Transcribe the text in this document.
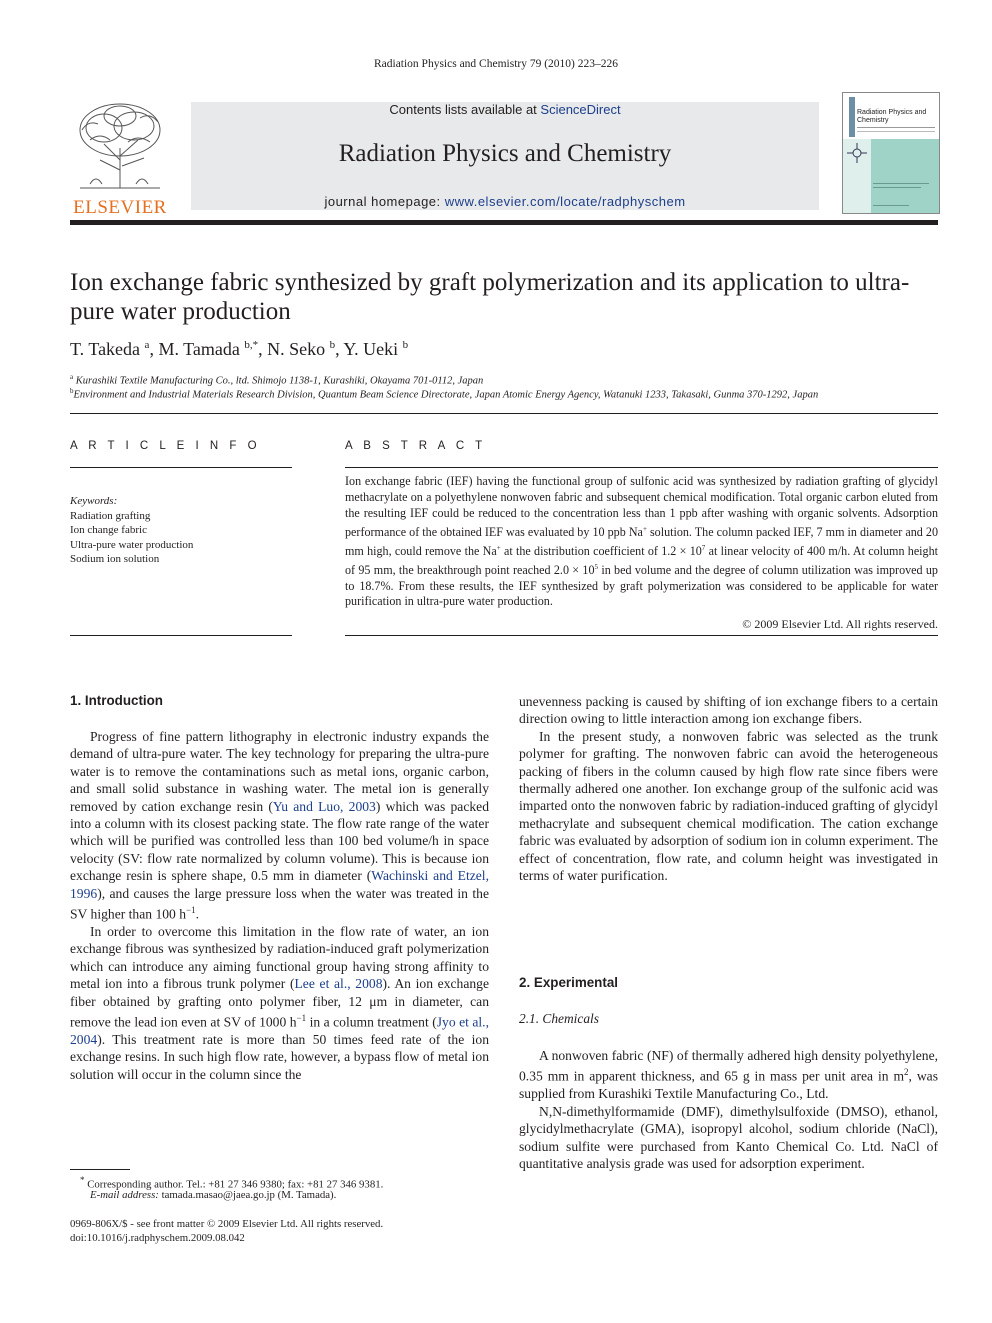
Radiation Physics and Chemistry 79 (2010) 223–226
ELSEVIER
Contents lists available at ScienceDirect
Radiation Physics and Chemistry
journal homepage: www.elsevier.com/locate/radphyschem
Radiation Physics and Chemistry
Ion exchange fabric synthesized by graft polymerization and its application to ultra-pure water production
T. Takeda $^a$, M. Tamada $^{b,*}$, N. Seko $^b$, Y. Ueki $^b$
$^a$ Kurashiki Textile Manufacturing Co., ltd. Shimojo 1138-1, Kurashiki, Okayama 701-0112, Japan
$^b$Environment and Industrial Materials Research Division, Quantum Beam Science Directorate, Japan Atomic Energy Agency, Watanuki 1233, Takasaki, Gunma 370-1292, Japan
A R T I C L E I N F O
Keywords:
Radiation grafting
Ion change fabric
Ultra-pure water production
Sodium ion solution
A B S T R A C T
Ion exchange fabric (IEF) having the functional group of sulfonic acid was synthesized by radiation grafting of glycidyl methacrylate on a polyethylene nonwoven fabric and subsequent chemical modification. Total organic carbon eluted from the resulting IEF could be reduced to the concentration less than 1 ppb after washing with organic solvents. Adsorption performance of the obtained IEF was evaluated by 10 ppb Na+ solution. The column packed IEF, 7 mm in diameter and 20 mm high, could remove the Na+ at the distribution coefficient of $1.2 \times 10^7$ at linear velocity of 400 m/h. At column height of 95 mm, the breakthrough point reached $2.0 \times 10^5$ in bed volume and the degree of column utilization was improved up to 18.7%. From these results, the IEF synthesized by graft polymerization was considered to be applicable for water purification in ultra-pure water production.
© 2009 Elsevier Ltd. All rights reserved.
1. Introduction

Progress of fine pattern lithography in electronic industry expands the demand of ultra-pure water. The key technology for preparing the ultra-pure water is to remove the contaminations such as metal ions, organic carbon, and small solid substance in washing water. The metal ion is generally removed by cation exchange resin (Yu and Luo, 2003) which was packed into a column with its closest packing state. The flow rate range of the water which will be purified was controlled less than 100 bed volume/h in space velocity (SV: flow rate normalized by column volume). This is because ion exchange resin is sphere shape, 0.5 mm in diameter (Wachinski and Etzel, 1996), and causes the large pressure loss when the water was treated in the SV higher than 100 $h^{-1}$.

In order to overcome this limitation in the flow rate of water, an ion exchange fibrous was synthesized by radiation-induced graft polymerization which can introduce any aiming functional group having strong affinity to metal ion into a fibrous trunk polymer (Lee et al., 2008). An ion exchange fiber obtained by grafting onto polymer fiber, 12 μm in diameter, can remove the lead ion even at SV of 1000 $h^{-1}$ in a column treatment (Jyo et al., 2004). This treatment rate is more than 50 times feed rate of the ion exchange resins. In such high flow rate, however, a bypass flow of metal ion solution will occur in the column since the

* Corresponding author. Tel.: +81 27 346 9380; fax: +81 27 346 9381.
E-mail address: tamada.masao@jaea.go.jp (M. Tamada).
0969-806X/$ - see front matter © 2009 Elsevier Ltd. All rights reserved.
doi:10.1016/j.radphyschem.2009.08.042

unevenness packing is caused by shifting of ion exchange fibers to a certain direction owing to little interaction among ion exchange fibers.

In the present study, a nonwoven fabric was selected as the trunk polymer for grafting. The nonwoven fabric can avoid the heterogeneous packing of fibers in the column caused by high flow rate since fibers were thermally adhered one another. Ion exchange group of the sulfonic acid was imparted onto the nonwoven fabric by radiation-induced grafting of glycidyl methacrylate and subsequent chemical modification. The cation exchange fabric was evaluated by adsorption of sodium ion in column experiment. The effect of concentration, flow rate, and column height was investigated in terms of water purification.

2. Experimental
2.1. Chemicals

A nonwoven fabric (NF) of thermally adhered high density polyethylene, 0.35 mm in apparent thickness, and 65 g in mass per unit area in $m^2$, was supplied from Kurashiki Textile Manufacturing Co., Ltd.

N,N-dimethylformamide (DMF), dimethylsulfoxide (DMSO), ethanol, glycidylmethacrylate (GMA), isopropyl alcohol, sodium chloride (NaCl), sodium sulfite were purchased from Kanto Chemical Co. Ltd. NaCl of quantitative analysis grade was used for adsorption experiment.
